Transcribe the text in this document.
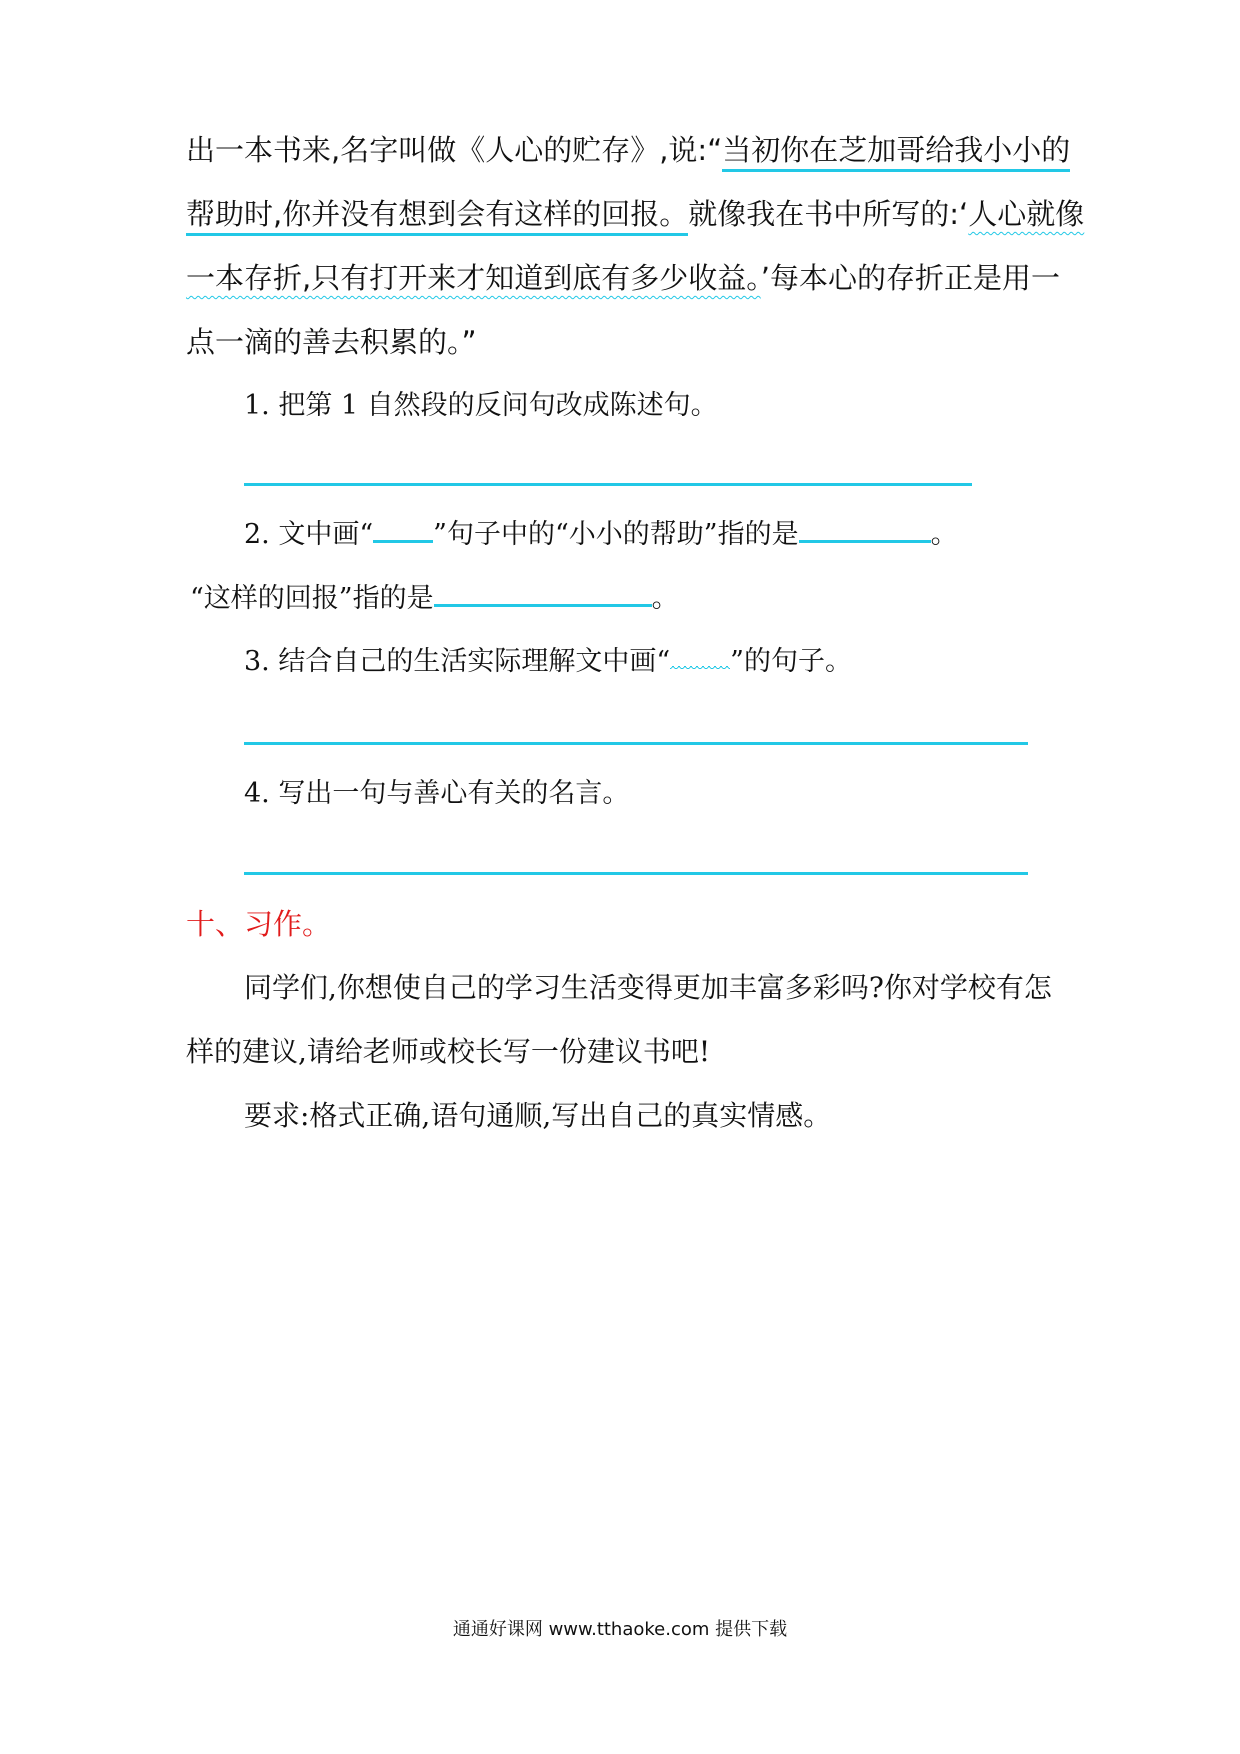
出一本书来,名字叫做《人心的贮存》,说:“当初你在芝加哥给我小小的
帮助时,你并没有想到会有这样的回报。就像我在书中所写的:‘人心就像
一本存折,只有打开来才知道到底有多少收益。’每本心的存折正是用一
点一滴的善去积累的。”
1. 把第 1 自然段的反问句改成陈述句。
2. 文中画“ ”句子中的“小小的帮助”指的是	。
“这样的回报”指的是	。
3. 结合自己的生活实际理解文中画“ ”的句子。
4. 写出一句与善心有关的名言。
十、习作。
同学们,你想使自己的学习生活变得更加丰富多彩吗?你对学校有怎
样的建议,请给老师或校长写一份建议书吧!
要求:格式正确,语句通顺,写出自己的真实情感。
通通好课网 www.tthaoke.com 提供下载
